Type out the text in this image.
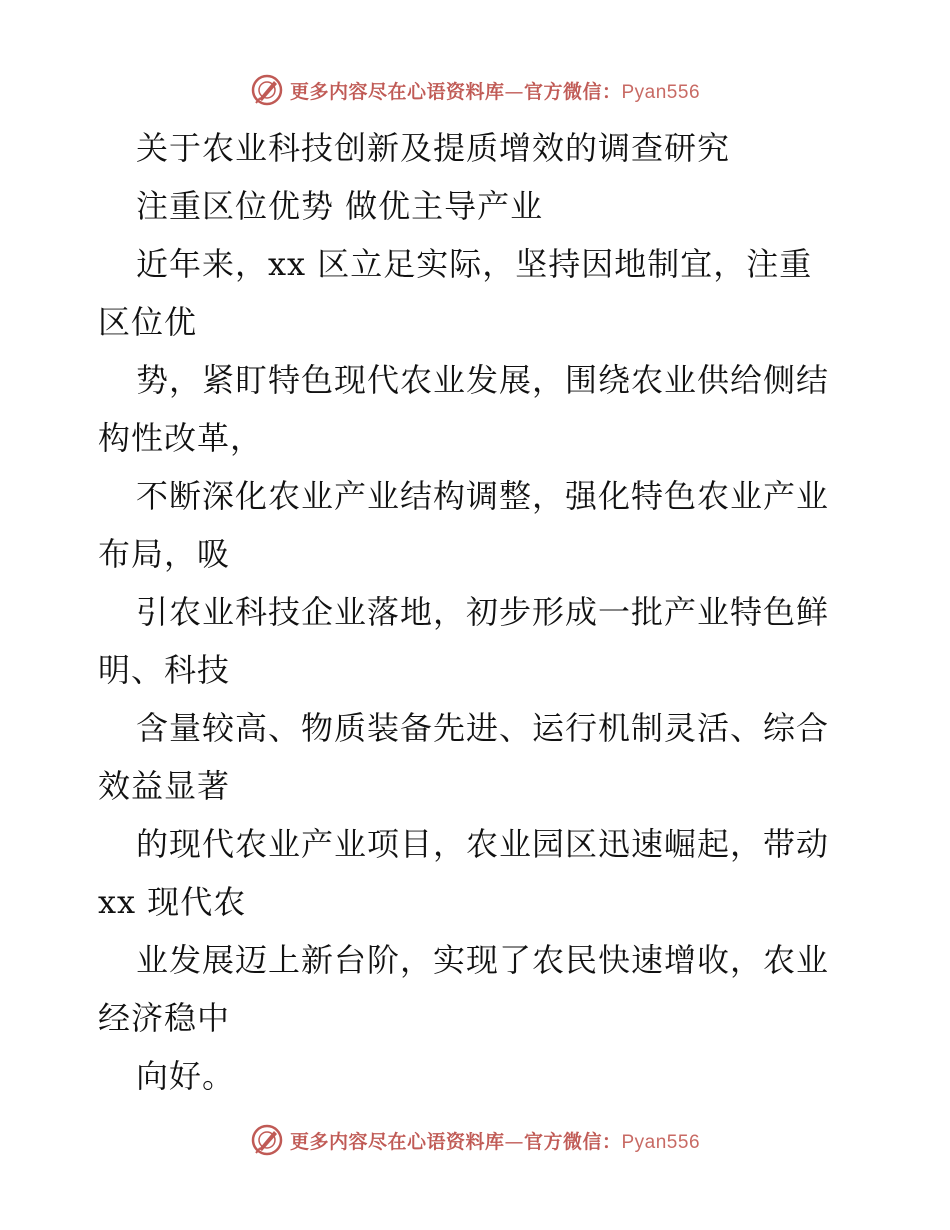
更多内容尽在心语资料库—官方微信：Pyan556
关于农业科技创新及提质增效的调查研究
注重区位优势 做优主导产业
近年来，xx 区立足实际，坚持因地制宜，注重
区位优
势，紧盯特色现代农业发展，围绕农业供给侧结
构性改革，
不断深化农业产业结构调整，强化特色农业产业
布局，吸
引农业科技企业落地，初步形成一批产业特色鲜
明、科技
含量较高、物质装备先进、运行机制灵活、综合
效益显著
的现代农业产业项目，农业园区迅速崛起，带动
xx 现代农
业发展迈上新台阶，实现了农民快速增收，农业
经济稳中
向好。
更多内容尽在心语资料库—官方微信：Pyan556
